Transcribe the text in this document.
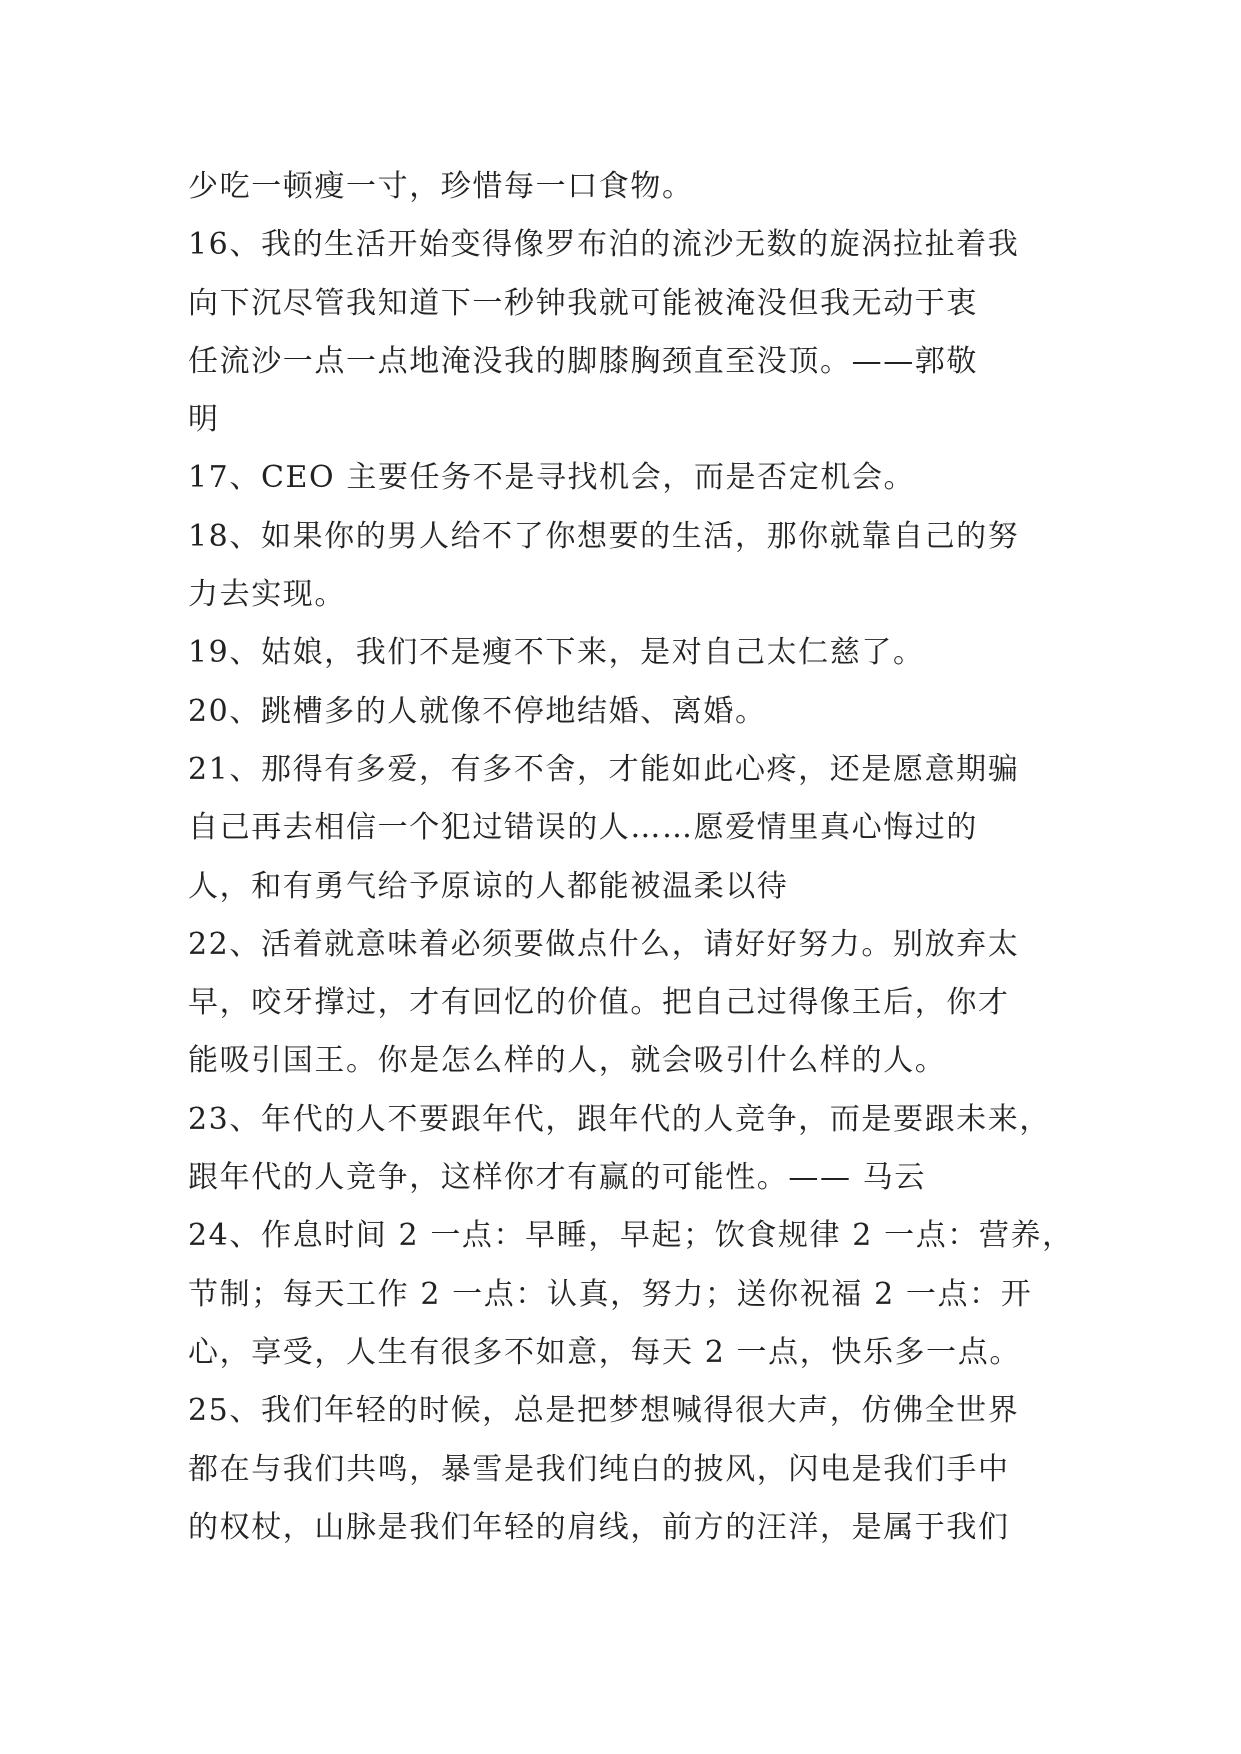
少吃一顿瘦一寸，珍惜每一口食物。
16、我的生活开始变得像罗布泊的流沙无数的旋涡拉扯着我
向下沉尽管我知道下一秒钟我就可能被淹没但我无动于衷
任流沙一点一点地淹没我的脚膝胸颈直至没顶。——郭敬
明
17、CEO 主要任务不是寻找机会，而是否定机会。
18、如果你的男人给不了你想要的生活，那你就靠自己的努
力去实现。
19、姑娘，我们不是瘦不下来，是对自己太仁慈了。
20、跳槽多的人就像不停地结婚、离婚。
21、那得有多爱，有多不舍，才能如此心疼，还是愿意期骗
自己再去相信一个犯过错误的人……愿爱情里真心悔过的
人，和有勇气给予原谅的人都能被温柔以待
22、活着就意味着必须要做点什么，请好好努力。别放弃太
早，咬牙撑过，才有回忆的价值。把自己过得像王后，你才
能吸引国王。你是怎么样的人，就会吸引什么样的人。
23、年代的人不要跟年代，跟年代的人竞争，而是要跟未来，
跟年代的人竞争，这样你才有赢的可能性。—— 马云
24、作息时间 2 一点：早睡，早起；饮食规律 2 一点：营养，
节制；每天工作 2 一点：认真，努力；送你祝福 2 一点：开
心，享受，人生有很多不如意，每天 2 一点，快乐多一点。
25、我们年轻的时候，总是把梦想喊得很大声，仿佛全世界
都在与我们共鸣，暴雪是我们纯白的披风，闪电是我们手中
的权杖，山脉是我们年轻的肩线，前方的汪洋，是属于我们
